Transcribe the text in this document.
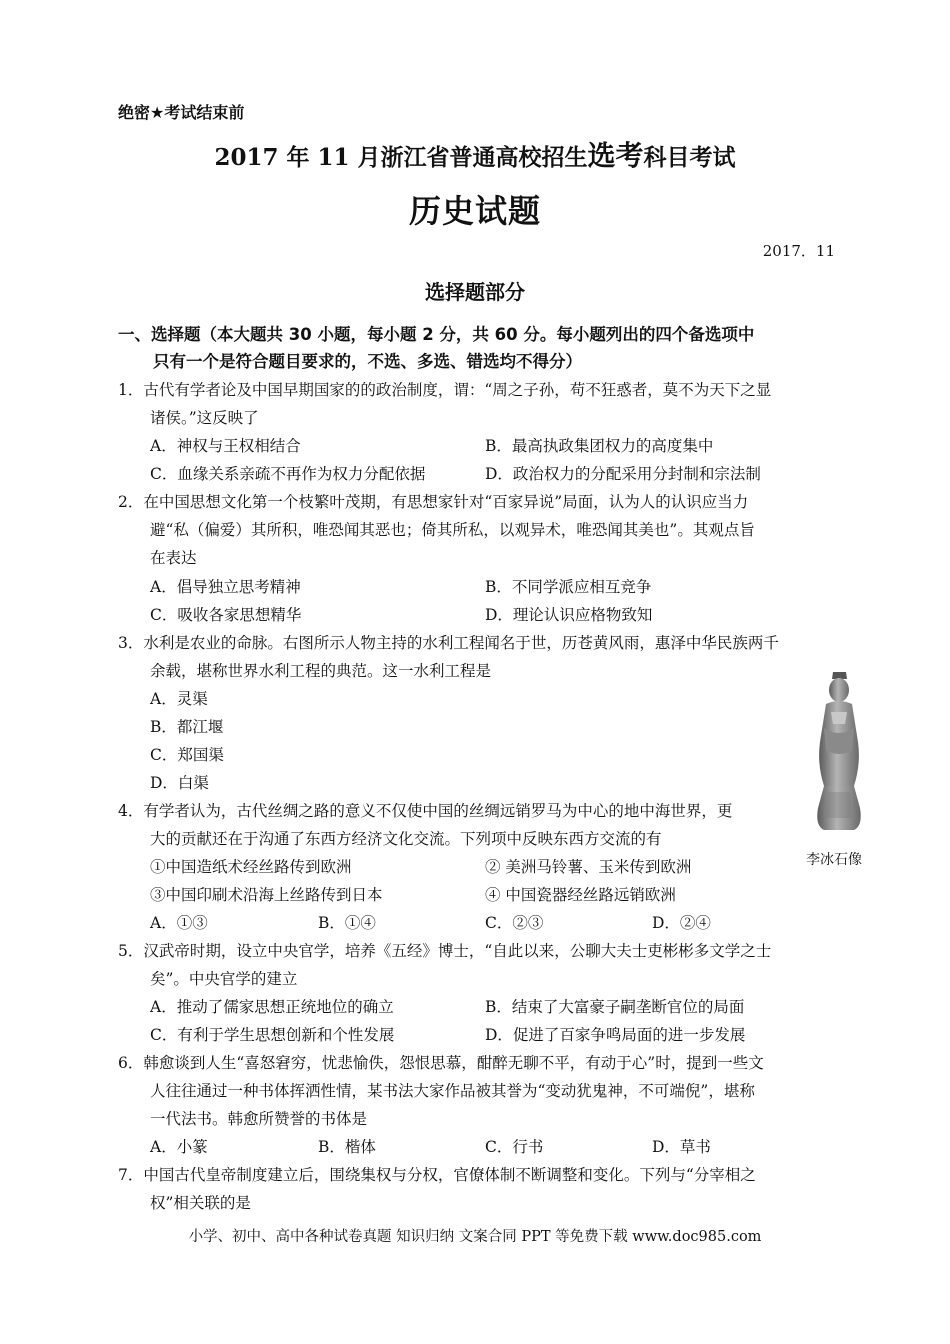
绝密★考试结束前
2017 年 11 月浙江省普通高校招生选考科目考试
历史试题
2017．11
选择题部分
一、选择题（本大题共 30 小题，每小题 2 分，共 60 分。每小题列出的四个备选项中
只有一个是符合题目要求的，不选、多选、错选均不得分）
1．古代有学者论及中国早期国家的的政治制度，谓：“周之子孙，苟不狂惑者，莫不为天下之显
诸侯。”这反映了
A．神权与王权相结合	B．最高执政集团权力的高度集中
C．血缘关系亲疏不再作为权力分配依据	D．政治权力的分配采用分封制和宗法制
2．在中国思想文化第一个枝繁叶茂期，有思想家针对“百家异说”局面，认为人的认识应当力
避“私（偏爱）其所积，唯恐闻其恶也；倚其所私，以观异术，唯恐闻其美也”。其观点旨
在表达
A．倡导独立思考精神	B．不同学派应相互竞争
C．吸收各家思想精华	D．理论认识应格物致知
3．水利是农业的命脉。右图所示人物主持的水利工程闻名于世，历苍黄风雨，惠泽中华民族两千
余载，堪称世界水利工程的典范。这一水利工程是
A．灵渠
B．都江堰
C．郑国渠
D．白渠
李冰石像
4．有学者认为，古代丝绸之路的意义不仅使中国的丝绸远销罗马为中心的地中海世界，更
大的贡献还在于沟通了东西方经济文化交流。下列项中反映东西方交流的有
①中国造纸术经丝路传到欧洲	② 美洲马铃薯、玉米传到欧洲
③中国印刷术沿海上丝路传到日本	④ 中国瓷器经丝路远销欧洲
A．①③	B．①④	C．②③	D．②④
5．汉武帝时期，设立中央官学，培养《五经》博士，“自此以来，公聊大夫士吏彬彬多文学之士
矣”。中央官学的建立
A．推动了儒家思想正统地位的确立	B．结束了大富豪子嗣垄断官位的局面
C．有利于学生思想创新和个性发展	D．促进了百家争鸣局面的进一步发展
6．韩愈谈到人生“喜怒窘穷，忧悲愉佚，怨恨思慕，酣醉无聊不平，有动于心”时，提到一些文
人往往通过一种书体挥洒性情，某书法大家作品被其誉为“变动犹鬼神，不可端倪”，堪称
一代法书。韩愈所赞誉的书体是
A．小篆	B．楷体	C．行书	D．草书
7．中国古代皇帝制度建立后，围绕集权与分权，官僚体制不断调整和变化。下列与“分宰相之
权”相关联的是
小学、初中、高中各种试卷真题 知识归纳 文案合同 PPT 等免费下载 www.doc985.com
